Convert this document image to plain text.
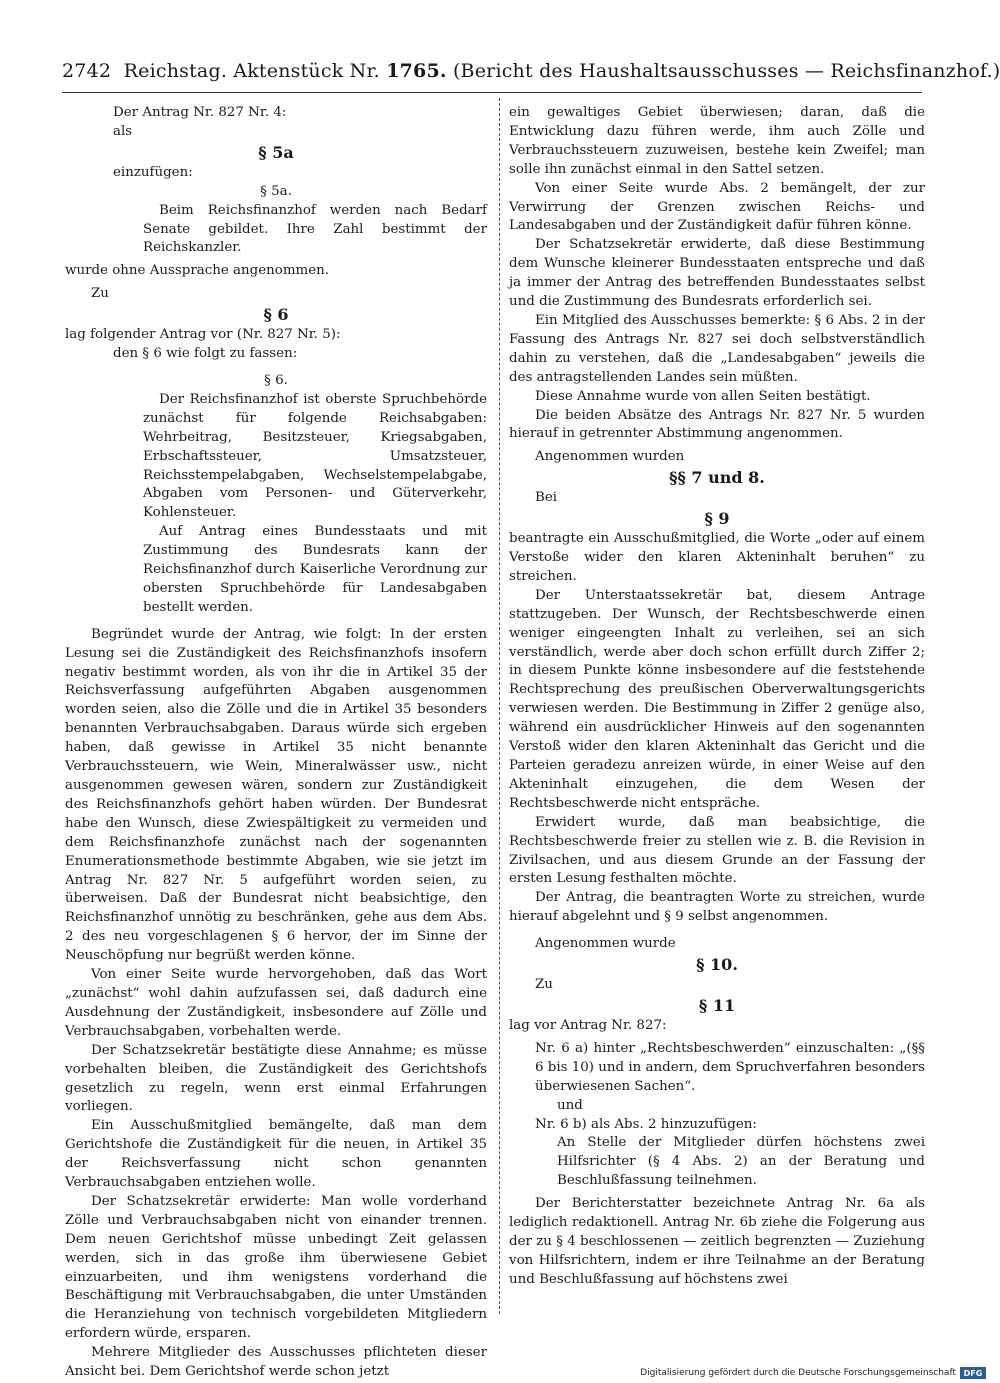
2742 Reichstag. Aktenstück Nr. 1765. (Bericht des Haushaltsausschusses — Reichsfinanzhof.)

Der Antrag Nr. 827 Nr. 4:

als

§ 5a

einzufügen:

§ 5a.

Beim Reichsfinanzhof werden nach Bedarf Senate gebildet. Ihre Zahl bestimmt der Reichskanzler.

wurde ohne Aussprache angenommen.

Zu

§ 6

lag folgender Antrag vor (Nr. 827 Nr. 5):

den § 6 wie folgt zu fassen:

§ 6.

Der Reichsfinanzhof ist oberste Spruchbehörde zunächst für folgende Reichsabgaben: Wehrbeitrag, Besitzsteuer, Kriegsabgaben, Erbschaftssteuer, Umsatzsteuer, Reichsstempelabgaben, Wechselstempelabgabe, Abgaben vom Personen- und Güterverkehr, Kohlensteuer.

Auf Antrag eines Bundesstaats und mit Zustimmung des Bundesrats kann der Reichsfinanzhof durch Kaiserliche Verordnung zur obersten Spruchbehörde für Landesabgaben bestellt werden.

Begründet wurde der Antrag, wie folgt: In der ersten Lesung sei die Zuständigkeit des Reichsfinanzhofs insofern negativ bestimmt worden, als von ihr die in Artikel 35 der Reichsverfassung aufgeführten Abgaben ausgenommen worden seien, also die Zölle und die in Artikel 35 besonders benannten Verbrauchsabgaben. Daraus würde sich ergeben haben, daß gewisse in Artikel 35 nicht benannte Verbrauchssteuern, wie Wein, Mineralwässer usw., nicht ausgenommen gewesen wären, sondern zur Zuständigkeit des Reichsfinanzhofs gehört haben würden. Der Bundesrat habe den Wunsch, diese Zwiespältigkeit zu vermeiden und dem Reichsfinanzhofe zunächst nach der sogenannten Enumerationsmethode bestimmte Abgaben, wie sie jetzt im Antrag Nr. 827 Nr. 5 aufgeführt worden seien, zu überweisen. Daß der Bundesrat nicht beabsichtige, den Reichsfinanzhof unnötig zu beschränken, gehe aus dem Abs. 2 des neu vorgeschlagenen § 6 hervor, der im Sinne der Neuschöpfung nur begrüßt werden könne.

Von einer Seite wurde hervorgehoben, daß das Wort „zunächst“ wohl dahin aufzufassen sei, daß dadurch eine Ausdehnung der Zuständigkeit, insbesondere auf Zölle und Verbrauchsabgaben, vorbehalten werde.

Der Schatzsekretär bestätigte diese Annahme; es müsse vorbehalten bleiben, die Zuständigkeit des Gerichtshofs gesetzlich zu regeln, wenn erst einmal Erfahrungen vorliegen.

Ein Ausschußmitglied bemängelte, daß man dem Gerichtshofe die Zuständigkeit für die neuen, in Artikel 35 der Reichsverfassung nicht schon genannten Verbrauchsabgaben entziehen wolle.

Der Schatzsekretär erwiderte: Man wolle vorderhand Zölle und Verbrauchsabgaben nicht von einander trennen. Dem neuen Gerichtshof müsse unbedingt Zeit gelassen werden, sich in das große ihm überwiesene Gebiet einzuarbeiten, und ihm wenigstens vorderhand die Beschäftigung mit Verbrauchsabgaben, die unter Umständen die Heranziehung von technisch vorgebildeten Mitgliedern erfordern würde, ersparen.

Mehrere Mitglieder des Ausschusses pflichteten dieser Ansicht bei. Dem Gerichtshof werde schon jetzt

ein gewaltiges Gebiet überwiesen; daran, daß die Entwicklung dazu führen werde, ihm auch Zölle und Verbrauchssteuern zuzuweisen, bestehe kein Zweifel; man solle ihn zunächst einmal in den Sattel setzen.

Von einer Seite wurde Abs. 2 bemängelt, der zur Verwirrung der Grenzen zwischen Reichs- und Landesabgaben und der Zuständigkeit dafür führen könne.

Der Schatzsekretär erwiderte, daß diese Bestimmung dem Wunsche kleinerer Bundesstaaten entspreche und daß ja immer der Antrag des betreffenden Bundesstaates selbst und die Zustimmung des Bundesrats erforderlich sei.

Ein Mitglied des Ausschusses bemerkte: § 6 Abs. 2 in der Fassung des Antrags Nr. 827 sei doch selbstverständlich dahin zu verstehen, daß die „Landesabgaben“ jeweils die des antragstellenden Landes sein müßten.

Diese Annahme wurde von allen Seiten bestätigt.

Die beiden Absätze des Antrags Nr. 827 Nr. 5 wurden hierauf in getrennter Abstimmung angenommen.

Angenommen wurden

§§ 7 und 8.

Bei

§ 9

beantragte ein Ausschußmitglied, die Worte „oder auf einem Verstoße wider den klaren Akteninhalt beruhen“ zu streichen.

Der Unterstaatssekretär bat, diesem Antrage stattzugeben. Der Wunsch, der Rechtsbeschwerde einen weniger eingeengten Inhalt zu verleihen, sei an sich verständlich, werde aber doch schon erfüllt durch Ziffer 2; in diesem Punkte könne insbesondere auf die feststehende Rechtsprechung des preußischen Oberverwaltungsgerichts verwiesen werden. Die Bestimmung in Ziffer 2 genüge also, während ein ausdrücklicher Hinweis auf den sogenannten Verstoß wider den klaren Akteninhalt das Gericht und die Parteien geradezu anreizen würde, in einer Weise auf den Akteninhalt einzugehen, die dem Wesen der Rechtsbeschwerde nicht entspräche.

Erwidert wurde, daß man beabsichtige, die Rechtsbeschwerde freier zu stellen wie z. B. die Revision in Zivilsachen, und aus diesem Grunde an der Fassung der ersten Lesung festhalten möchte.

Der Antrag, die beantragten Worte zu streichen, wurde hierauf abgelehnt und § 9 selbst angenommen.

Angenommen wurde

§ 10.

Zu

§ 11

lag vor Antrag Nr. 827:

Nr. 6 a) hinter „Rechtsbeschwerden“ einzuschalten: „(§§ 6 bis 10) und in andern, dem Spruchverfahren besonders überwiesenen Sachen“.

und

Nr. 6 b) als Abs. 2 hinzuzufügen:

An Stelle der Mitglieder dürfen höchstens zwei Hilfsrichter (§ 4 Abs. 2) an der Beratung und Beschlußfassung teilnehmen.

Der Berichterstatter bezeichnete Antrag Nr. 6a als lediglich redaktionell. Antrag Nr. 6b ziehe die Folgerung aus der zu § 4 beschlossenen — zeitlich begrenzten — Zuziehung von Hilfsrichtern, indem er ihre Teilnahme an der Beratung und Beschlußfassung auf höchstens zwei

Digitalisierung gefördert durch die Deutsche Forschungsgemeinschaft DFG
